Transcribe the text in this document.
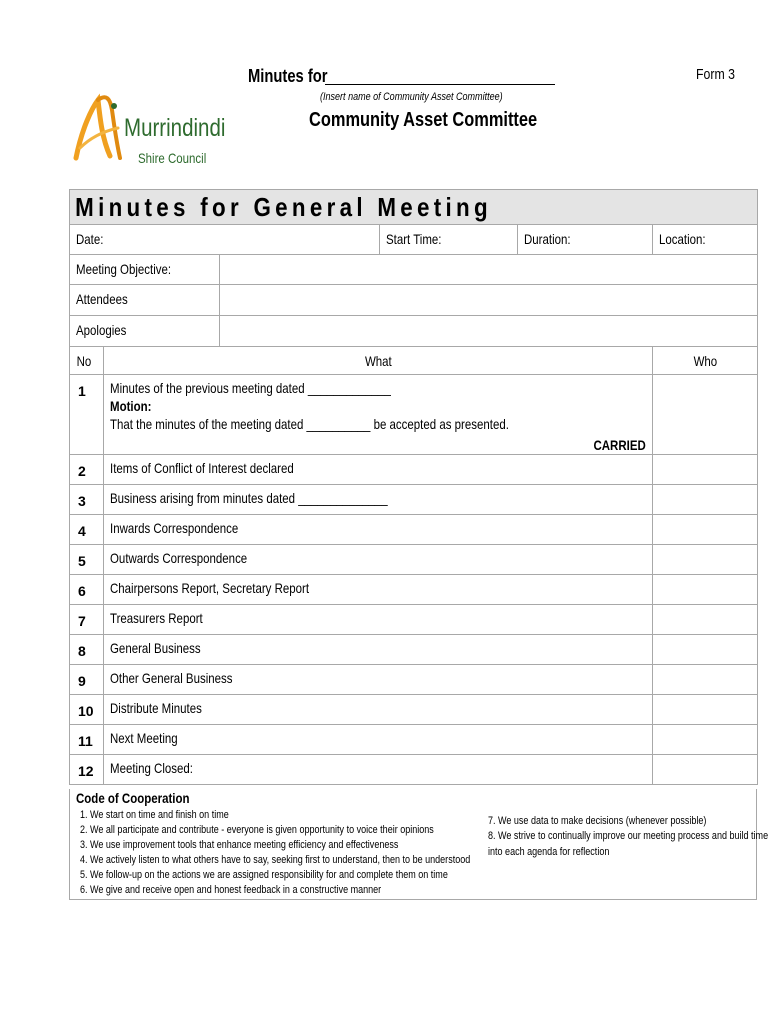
Form 3
Minutes for
(Insert name of Community Asset Committee)
Community Asset Committee
Murrindindi
Shire Council
Minutes for General Meeting					

Date:			Start Time:	Duration:	Location:

Meeting Objective:					

Attendees					

Apologies					

No	What				Who

1	Minutes of the previous meeting dated _____________
Motion:
That the minutes of the meeting dated __________ be accepted as presented.
CARRIED				

2	Items of Conflict of Interest declared				

3	Business arising from minutes dated ______________				

4	Inwards Correspondence				

5	Outwards Correspondence				

6	Chairpersons Report, Secretary Report				

7	Treasurers Report				

8	General Business				

9	Other General Business				

10	Distribute Minutes				

11	Next Meeting				

12	Meeting Closed:				

Code of Cooperation
1. We start on time and finish on time
2. We all participate and contribute - everyone is given opportunity to voice their opinions
3. We use improvement tools that enhance meeting efficiency and effectiveness
4. We actively listen to what others have to say, seeking first to understand, then to be understood
5. We follow-up on the actions we are assigned responsibility for and complete them on time
6. We give and receive open and honest feedback in a constructive manner
7. We use data to make decisions (whenever possible)
8. We strive to continually improve our meeting process and build time
into each agenda for reflection
